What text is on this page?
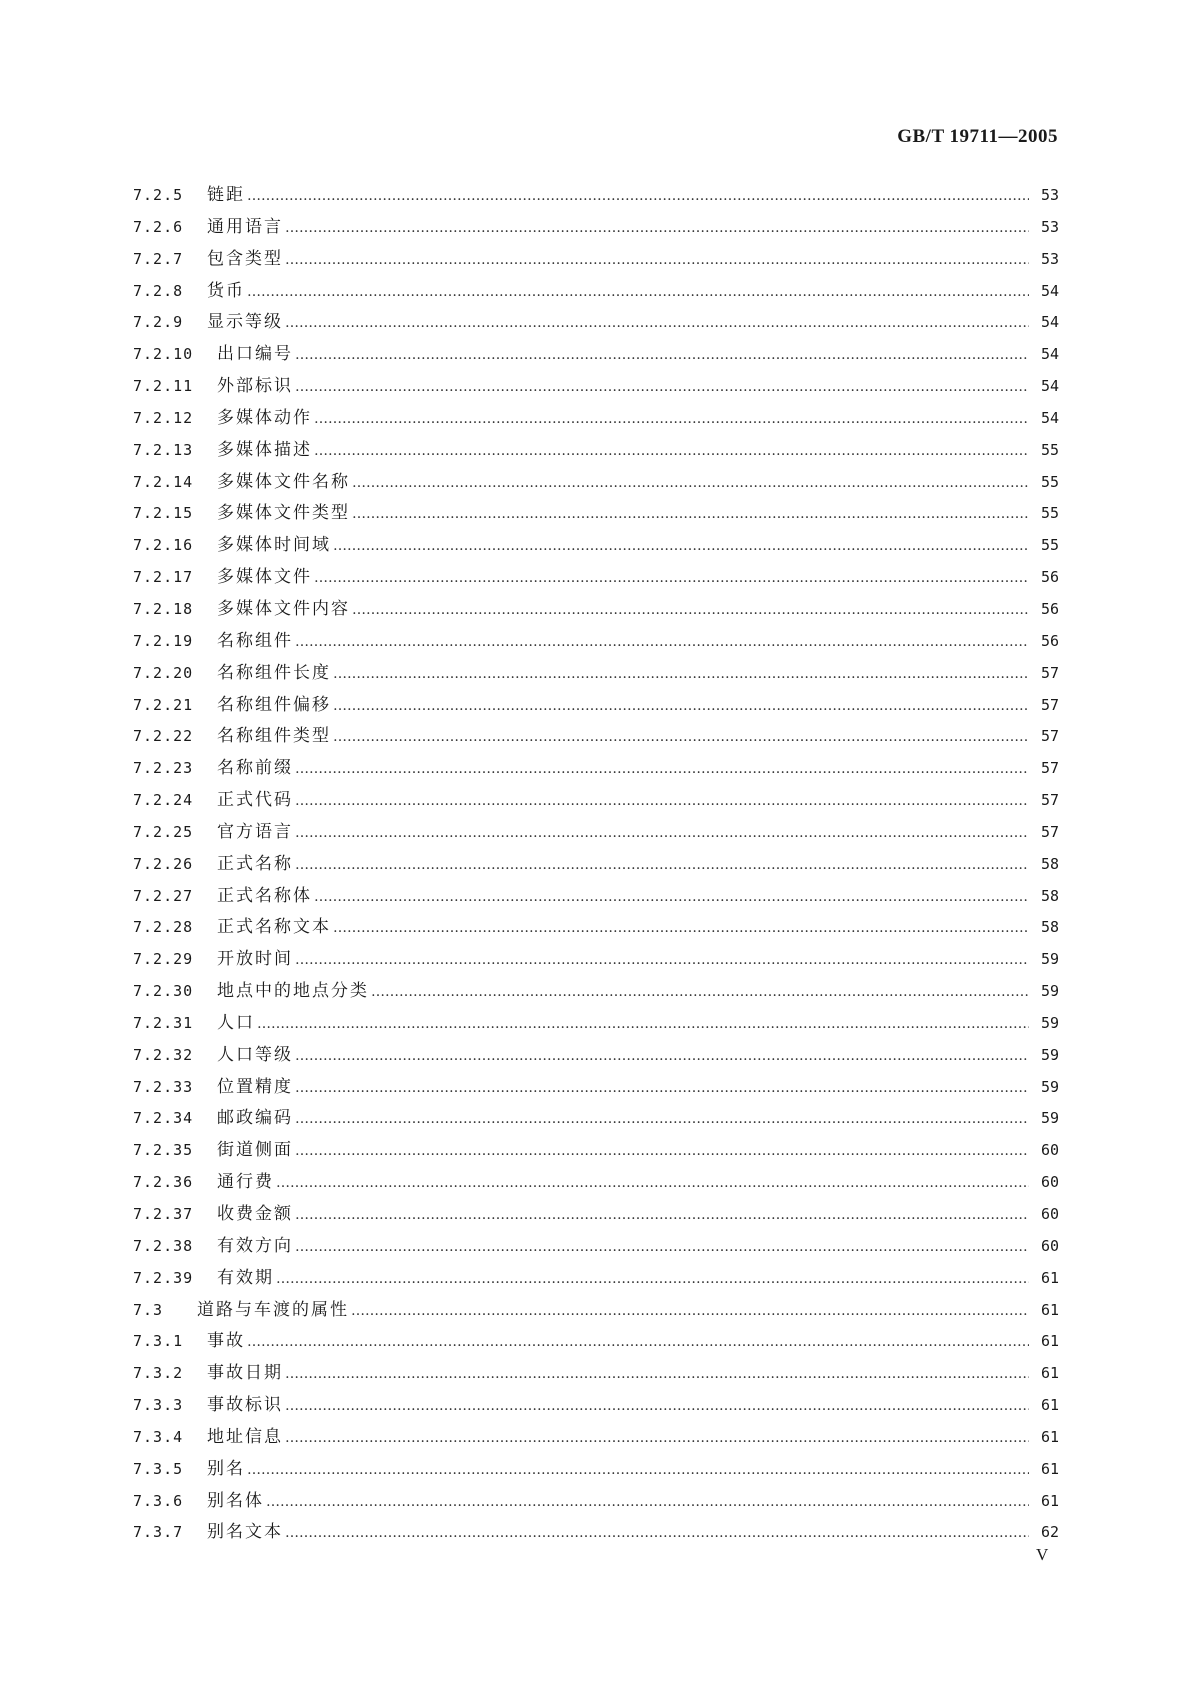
GB/T 19711—2005
7.2.5	链距 …………………………………………………………………………………………………………………………………………………………………………………………………………………………………………………………………………………………………	53
7.2.6	通用语言 …………………………………………………………………………………………………………………………………………………………………………………………………………………………………………………………………………………………………	53
7.2.7	包含类型 …………………………………………………………………………………………………………………………………………………………………………………………………………………………………………………………………………………………………	53
7.2.8	货币 …………………………………………………………………………………………………………………………………………………………………………………………………………………………………………………………………………………………………	54
7.2.9	显示等级 …………………………………………………………………………………………………………………………………………………………………………………………………………………………………………………………………………………………………	54
7.2.10	出口编号 …………………………………………………………………………………………………………………………………………………………………………………………………………………………………………………………………………………………………	54
7.2.11	外部标识 …………………………………………………………………………………………………………………………………………………………………………………………………………………………………………………………………………………………………	54
7.2.12	多媒体动作 …………………………………………………………………………………………………………………………………………………………………………………………………………………………………………………………………………………………………	54
7.2.13	多媒体描述 …………………………………………………………………………………………………………………………………………………………………………………………………………………………………………………………………………………………………	55
7.2.14	多媒体文件名称 …………………………………………………………………………………………………………………………………………………………………………………………………………………………………………………………………………………………………	55
7.2.15	多媒体文件类型 …………………………………………………………………………………………………………………………………………………………………………………………………………………………………………………………………………………………………	55
7.2.16	多媒体时间域 …………………………………………………………………………………………………………………………………………………………………………………………………………………………………………………………………………………………………	55
7.2.17	多媒体文件 …………………………………………………………………………………………………………………………………………………………………………………………………………………………………………………………………………………………………	56
7.2.18	多媒体文件内容 …………………………………………………………………………………………………………………………………………………………………………………………………………………………………………………………………………………………………	56
7.2.19	名称组件 …………………………………………………………………………………………………………………………………………………………………………………………………………………………………………………………………………………………………	56
7.2.20	名称组件长度 …………………………………………………………………………………………………………………………………………………………………………………………………………………………………………………………………………………………………	57
7.2.21	名称组件偏移 …………………………………………………………………………………………………………………………………………………………………………………………………………………………………………………………………………………………………	57
7.2.22	名称组件类型 …………………………………………………………………………………………………………………………………………………………………………………………………………………………………………………………………………………………………	57
7.2.23	名称前缀 …………………………………………………………………………………………………………………………………………………………………………………………………………………………………………………………………………………………………	57
7.2.24	正式代码 …………………………………………………………………………………………………………………………………………………………………………………………………………………………………………………………………………………………………	57
7.2.25	官方语言 …………………………………………………………………………………………………………………………………………………………………………………………………………………………………………………………………………………………………	57
7.2.26	正式名称 …………………………………………………………………………………………………………………………………………………………………………………………………………………………………………………………………………………………………	58
7.2.27	正式名称体 …………………………………………………………………………………………………………………………………………………………………………………………………………………………………………………………………………………………………	58
7.2.28	正式名称文本 …………………………………………………………………………………………………………………………………………………………………………………………………………………………………………………………………………………………………	58
7.2.29	开放时间 …………………………………………………………………………………………………………………………………………………………………………………………………………………………………………………………………………………………………	59
7.2.30	地点中的地点分类 …………………………………………………………………………………………………………………………………………………………………………………………………………………………………………………………………………………………………	59
7.2.31	人口 …………………………………………………………………………………………………………………………………………………………………………………………………………………………………………………………………………………………………	59
7.2.32	人口等级 …………………………………………………………………………………………………………………………………………………………………………………………………………………………………………………………………………………………………	59
7.2.33	位置精度 …………………………………………………………………………………………………………………………………………………………………………………………………………………………………………………………………………………………………	59
7.2.34	邮政编码 …………………………………………………………………………………………………………………………………………………………………………………………………………………………………………………………………………………………………	59
7.2.35	街道侧面 …………………………………………………………………………………………………………………………………………………………………………………………………………………………………………………………………………………………………	60
7.2.36	通行费 …………………………………………………………………………………………………………………………………………………………………………………………………………………………………………………………………………………………………	60
7.2.37	收费金额 …………………………………………………………………………………………………………………………………………………………………………………………………………………………………………………………………………………………………	60
7.2.38	有效方向 …………………………………………………………………………………………………………………………………………………………………………………………………………………………………………………………………………………………………	60
7.2.39	有效期 …………………………………………………………………………………………………………………………………………………………………………………………………………………………………………………………………………………………………	61
7.3	道路与车渡的属性 …………………………………………………………………………………………………………………………………………………………………………………………………………………………………………………………………………………………………	61
7.3.1	事故 …………………………………………………………………………………………………………………………………………………………………………………………………………………………………………………………………………………………………	61
7.3.2	事故日期 …………………………………………………………………………………………………………………………………………………………………………………………………………………………………………………………………………………………………	61
7.3.3	事故标识 …………………………………………………………………………………………………………………………………………………………………………………………………………………………………………………………………………………………………	61
7.3.4	地址信息 …………………………………………………………………………………………………………………………………………………………………………………………………………………………………………………………………………………………………	61
7.3.5	别名 …………………………………………………………………………………………………………………………………………………………………………………………………………………………………………………………………………………………………	61
7.3.6	别名体 …………………………………………………………………………………………………………………………………………………………………………………………………………………………………………………………………………………………………	61
7.3.7	别名文本 …………………………………………………………………………………………………………………………………………………………………………………………………………………………………………………………………………………………………	62
V
